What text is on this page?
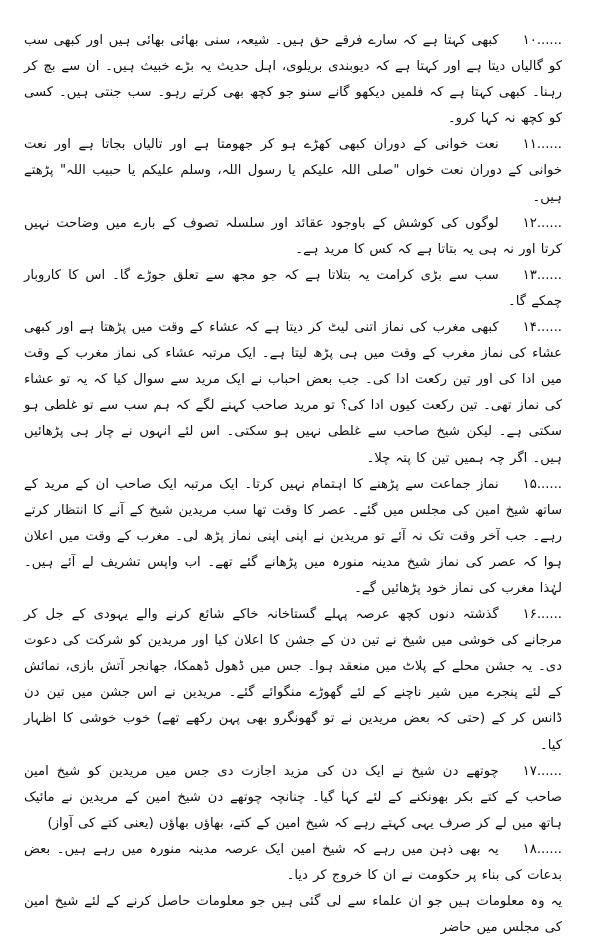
۱۰......کبھی کہتا ہے کہ سارے فرقے حق ہیں۔ شیعہ، سنی بھائی بھائی ہیں اور کبھی سب کو گالیاں دیتا ہے اور کہتا ہے کہ دیوبندی بریلوی، اہل حدیث یہ بڑے خبیث ہیں۔ ان سے بچ کر رہنا۔ کبھی کہتا ہے کہ فلمیں دیکھو گانے سنو جو کچھ بھی کرتے رہو۔ سب جنتی ہیں۔ کسی کو کچھ نہ کہا کرو۔

۱۱......نعت خوانی کے دوران کبھی کھڑے ہو کر جھومتا ہے اور تالیاں بجاتا ہے اور نعت خوانی کے دوران نعت خواں "صلی اللہ علیکم یا رسول اللہ، وسلم علیکم یا حبیب اللہ" پڑھتے ہیں۔

۱۲......لوگوں کی کوشش کے باوجود عقائد اور سلسلہ تصوف کے بارے میں وضاحت نہیں کرتا اور نہ ہی یہ بتاتا ہے کہ کس کا مرید ہے۔

۱۳......سب سے بڑی کرامت یہ بتلاتا ہے کہ جو مجھ سے تعلق جوڑے گا۔ اس کا کاروبار چمکے گا۔

۱۴......کبھی مغرب کی نماز اتنی لیٹ کر دیتا ہے کہ عشاء کے وقت میں پڑھتا ہے اور کبھی عشاء کی نماز مغرب کے وقت میں ہی پڑھ لیتا ہے۔ ایک مرتبہ عشاء کی نماز مغرب کے وقت میں ادا کی اور تین رکعت ادا کی۔ جب بعض احباب نے ایک مرید سے سوال کیا کہ یہ تو عشاء کی نماز تھی۔ تین رکعت کیوں ادا کی؟ تو مرید صاحب کہنے لگے کہ ہم سب سے تو غلطی ہو سکتی ہے۔ لیکن شیخ صاحب سے غلطی نہیں ہو سکتی۔ اس لئے انہوں نے چار ہی پڑھائیں ہیں۔ اگر چہ ہمیں تین کا پتہ چلا۔

۱۵......نماز جماعت سے پڑھنے کا اہتمام نہیں کرتا۔ ایک مرتبہ ایک صاحب ان کے مرید کے ساتھ شیخ امین کی مجلس میں گئے۔ عصر کا وقت تھا سب مریدین شیخ کے آنے کا انتظار کرتے رہے۔ جب آخر وقت تک نہ آئے تو مریدین نے اپنی اپنی نماز پڑھ لی۔ مغرب کے وقت میں اعلان ہوا کہ عصر کی نماز شیخ مدینہ منورہ میں پڑھانے گئے تھے۔ اب واپس تشریف لے آئے ہیں۔ لہٰذا مغرب کی نماز خود پڑھائیں گے۔

۱۶......گذشتہ دنوں کچھ عرصہ پہلے گستاخانہ خاکے شائع کرنے والے یہودی کے جل کر مرجانے کی خوشی میں شیخ نے تین دن کے جشن کا اعلان کیا اور مریدین کو شرکت کی دعوت دی۔ یہ جشن محلے کے پلاٹ میں منعقد ہوا۔ جس میں ڈھول ڈھمکا، جھانجر آتش بازی، نمائش کے لئے پنجرے میں شیر ناچنے کے لئے گھوڑے منگوائے گئے۔ مریدین نے اس جشن میں تین دن ڈانس کر کے (حتی کہ بعض مریدین نے تو گھونگرو بھی پہن رکھے تھے) خوب خوشی کا اظہار کیا۔

۱۷......چوتھے دن شیخ نے ایک دن کی مزید اجازت دی جس میں مریدین کو شیخ امین صاحب کے کتے بکر بھونکنے کے لئے کہا گیا۔ چنانچہ چوتھے دن شیخ امین کے مریدین نے مائیک ہاتھ میں لے کر صرف یہی کہتے رہے کہ شیخ امین کے کتے، بھاؤں بھاؤں (یعنی کتے کی آواز)

۱۸......یہ بھی ذہن میں رہے کہ شیخ امین ایک عرصہ مدینہ منورہ میں رہے ہیں۔ بعض بدعات کی بناء پر حکومت نے ان کا خروج کر دیا۔

یہ وہ معلومات ہیں جو ان علماء سے لی گئی ہیں جو معلومات حاصل کرنے کے لئے شیخ امین کی مجلس میں حاضر
